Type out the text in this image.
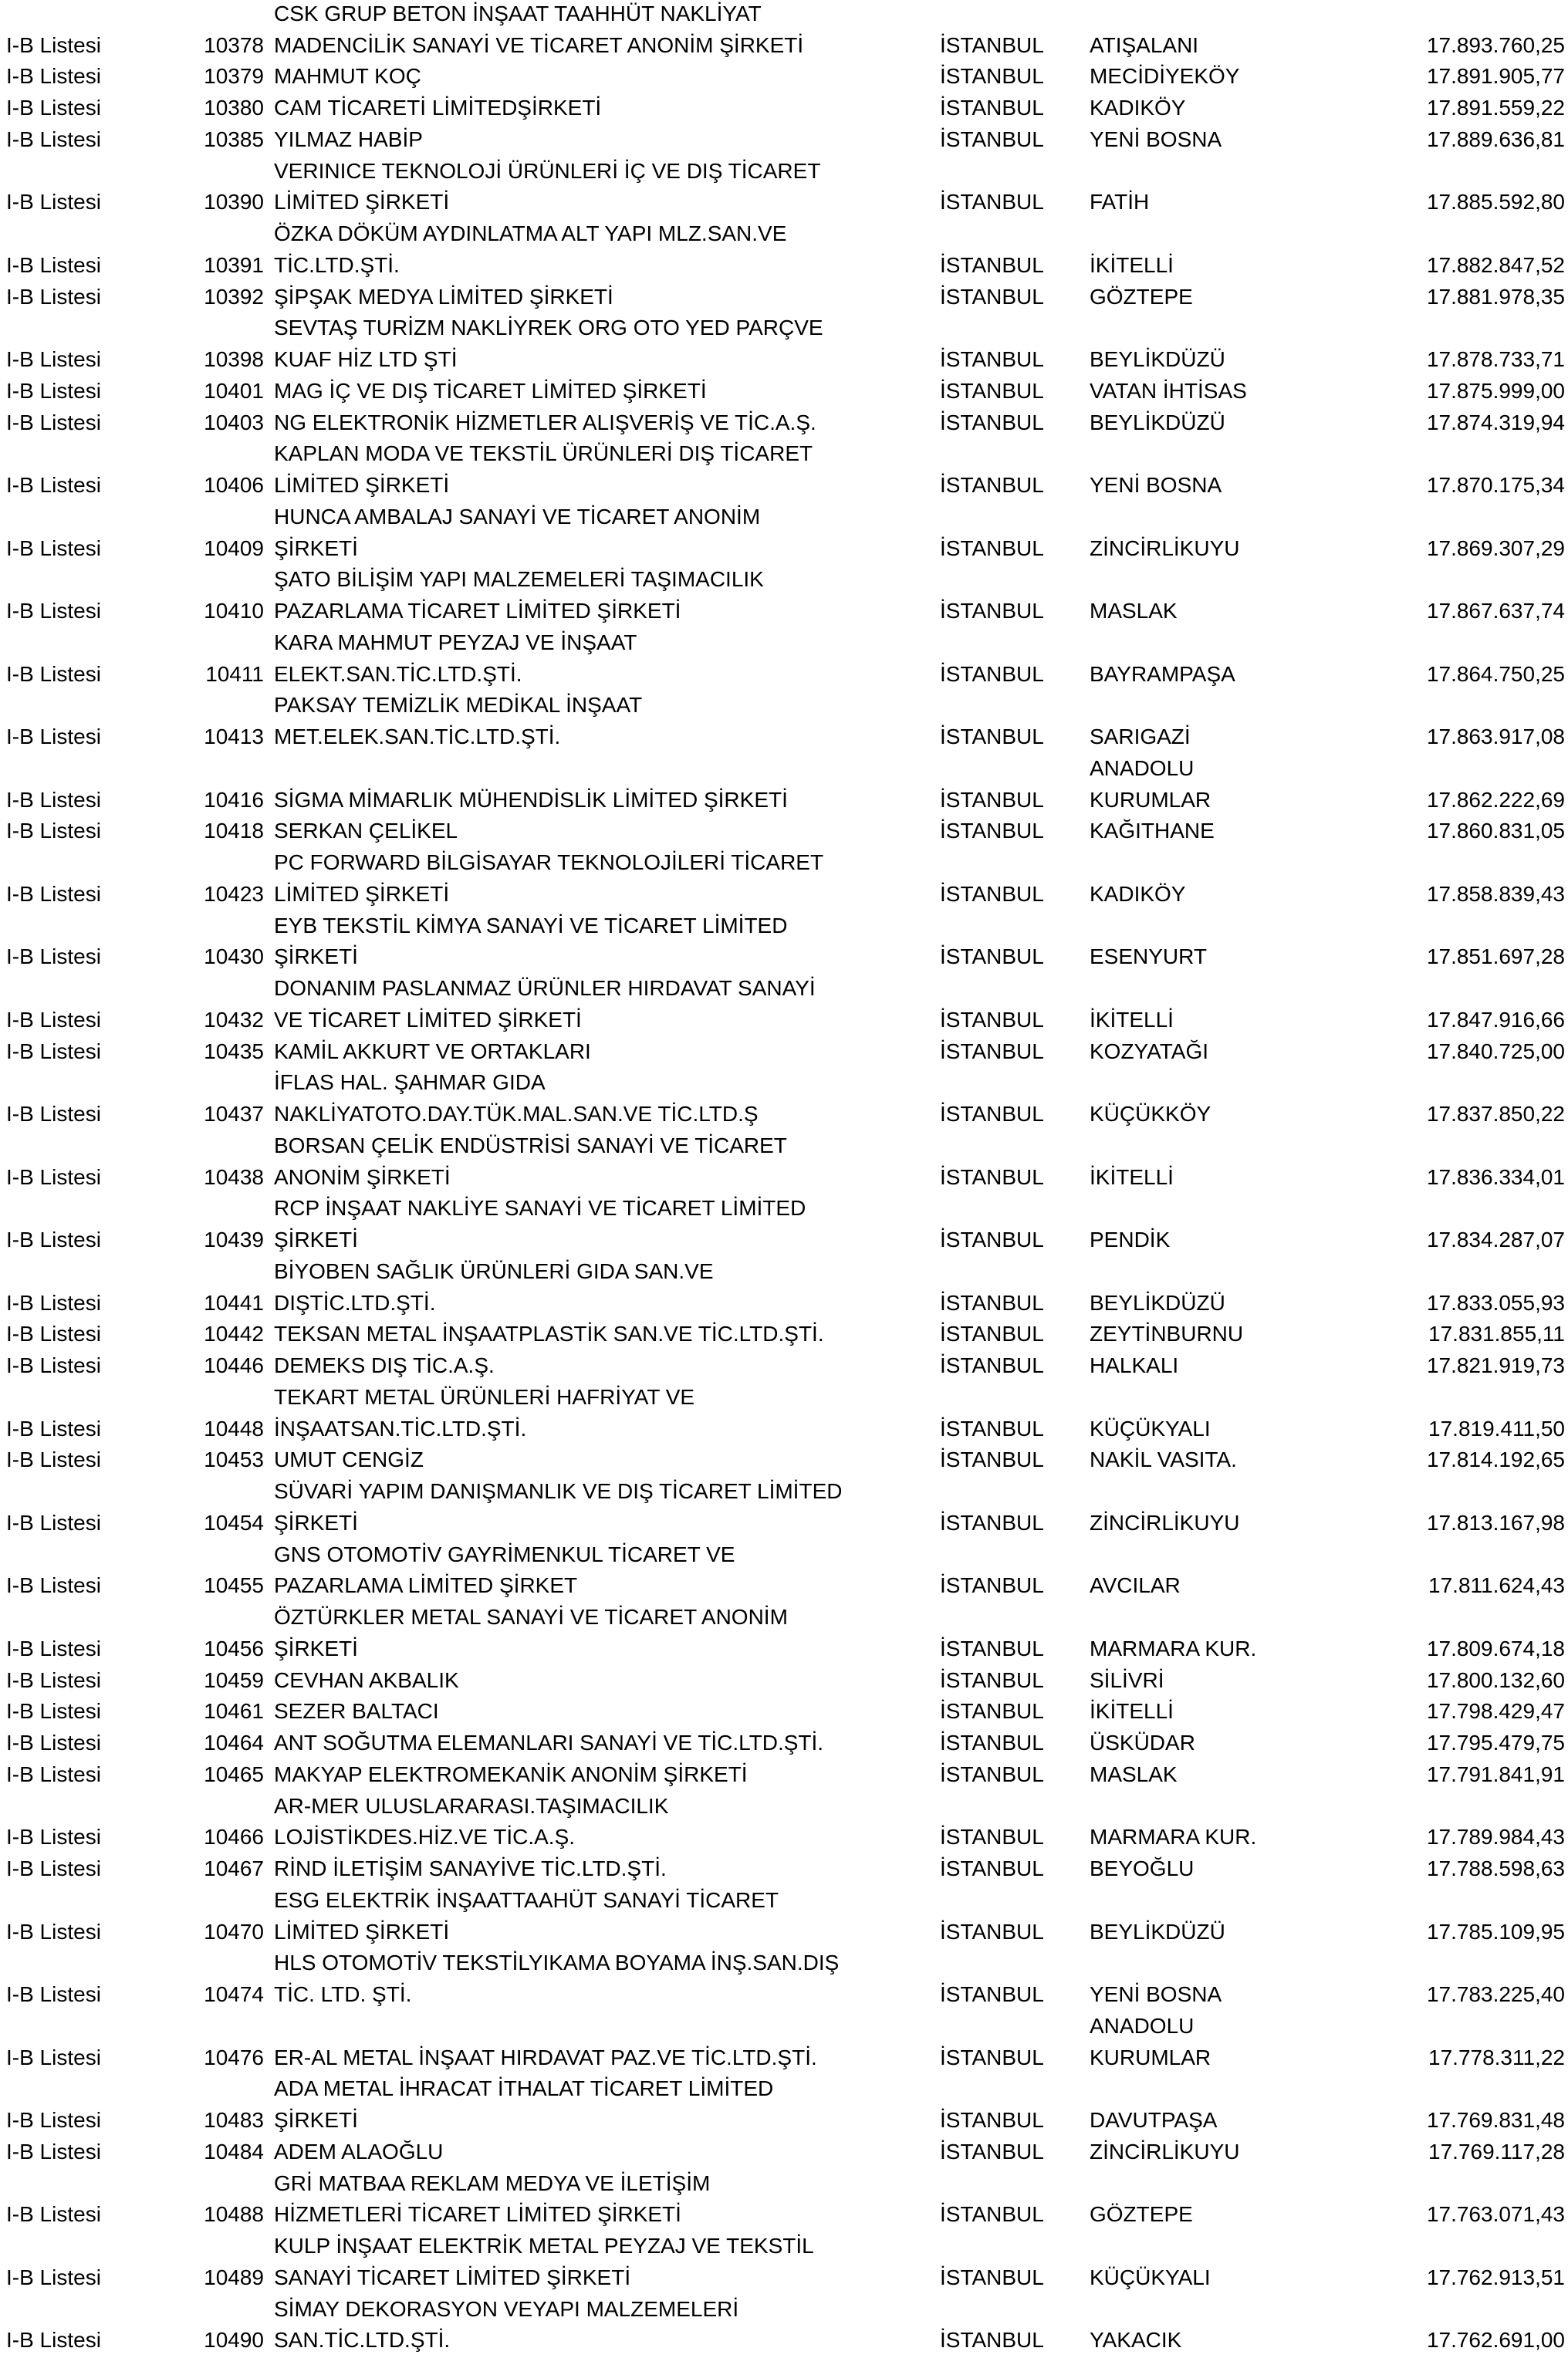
CSK GRUP BETON İNŞAAT TAAHHÜT NAKLİYAT
I-B Listesi	10378 MADENCİLİK SANAYİ VE TİCARET ANONİM ŞİRKETİ	İSTANBUL ATIŞALANI	17.893.760,25
I-B Listesi	10379 MAHMUT KOÇ	İSTANBUL MECİDİYEKÖY	17.891.905,77
I-B Listesi	10380 CAM TİCARETİ LİMİTEDŞİRKETİ	İSTANBUL KADIKÖY	17.891.559,22
I-B Listesi	10385 YILMAZ HABİP	İSTANBUL YENİ BOSNA	17.889.636,81
VERINICE TEKNOLOJİ ÜRÜNLERİ İÇ VE DIŞ TİCARET
I-B Listesi	10390 LİMİTED ŞİRKETİ	İSTANBUL FATİH	17.885.592,80
ÖZKA DÖKÜM AYDINLATMA ALT YAPI MLZ.SAN.VE
I-B Listesi	10391 TİC.LTD.ŞTİ.	İSTANBUL İKİTELLİ	17.882.847,52
I-B Listesi	10392 ŞİPŞAK MEDYA LİMİTED ŞİRKETİ	İSTANBUL GÖZTEPE	17.881.978,35
SEVTAŞ TURİZM NAKLİYREK ORG OTO YED PARÇVE
I-B Listesi	10398 KUAF HİZ LTD ŞTİ	İSTANBUL BEYLİKDÜZÜ	17.878.733,71
I-B Listesi	10401 MAG İÇ VE DIŞ TİCARET LİMİTED ŞİRKETİ	İSTANBUL VATAN İHTİSAS	17.875.999,00
I-B Listesi	10403 NG ELEKTRONİK HİZMETLER ALIŞVERİŞ VE TİC.A.Ş.	İSTANBUL BEYLİKDÜZÜ	17.874.319,94
KAPLAN MODA VE TEKSTİL ÜRÜNLERİ DIŞ TİCARET
I-B Listesi	10406 LİMİTED ŞİRKETİ	İSTANBUL YENİ BOSNA	17.870.175,34
HUNCA AMBALAJ SANAYİ VE TİCARET ANONİM
I-B Listesi	10409 ŞİRKETİ	İSTANBUL ZİNCİRLİKUYU	17.869.307,29
ŞATO BİLİŞİM YAPI MALZEMELERİ TAŞIMACILIK
I-B Listesi	10410 PAZARLAMA TİCARET LİMİTED ŞİRKETİ	İSTANBUL MASLAK	17.867.637,74
KARA MAHMUT PEYZAJ VE İNŞAAT
I-B Listesi	10411 ELEKT.SAN.TİC.LTD.ŞTİ.	İSTANBUL BAYRAMPAŞA	17.864.750,25
PAKSAY TEMİZLİK MEDİKAL İNŞAAT
I-B Listesi	10413 MET.ELEK.SAN.TİC.LTD.ŞTİ.	İSTANBUL SARIGAZİ	17.863.917,08
ANADOLU
I-B Listesi	10416 SİGMA MİMARLIK MÜHENDİSLİK LİMİTED ŞİRKETİ	İSTANBUL KURUMLAR	17.862.222,69
I-B Listesi	10418 SERKAN ÇELİKEL	İSTANBUL KAĞITHANE	17.860.831,05
PC FORWARD BİLGİSAYAR TEKNOLOJİLERİ TİCARET
I-B Listesi	10423 LİMİTED ŞİRKETİ	İSTANBUL KADIKÖY	17.858.839,43
EYB TEKSTİL KİMYA SANAYİ VE TİCARET LİMİTED
I-B Listesi	10430 ŞİRKETİ	İSTANBUL ESENYURT	17.851.697,28
DONANIM PASLANMAZ ÜRÜNLER HIRDAVAT SANAYİ
I-B Listesi	10432 VE TİCARET LİMİTED ŞİRKETİ	İSTANBUL İKİTELLİ	17.847.916,66
I-B Listesi	10435 KAMİL AKKURT VE ORTAKLARI	İSTANBUL KOZYATAĞI	17.840.725,00
İFLAS HAL. ŞAHMAR GIDA
I-B Listesi	10437 NAKLİYATOTO.DAY.TÜK.MAL.SAN.VE TİC.LTD.Ş	İSTANBUL KÜÇÜKKÖY	17.837.850,22
BORSAN ÇELİK ENDÜSTRİSİ SANAYİ VE TİCARET
I-B Listesi	10438 ANONİM ŞİRKETİ	İSTANBUL İKİTELLİ	17.836.334,01
RCP İNŞAAT NAKLİYE SANAYİ VE TİCARET LİMİTED
I-B Listesi	10439 ŞİRKETİ	İSTANBUL PENDİK	17.834.287,07
BİYOBEN SAĞLIK ÜRÜNLERİ GIDA SAN.VE
I-B Listesi	10441 DIŞTİC.LTD.ŞTİ.	İSTANBUL BEYLİKDÜZÜ	17.833.055,93
I-B Listesi	10442 TEKSAN METAL İNŞAATPLASTİK SAN.VE TİC.LTD.ŞTİ.	İSTANBUL ZEYTİNBURNU	17.831.855,11
I-B Listesi	10446 DEMEKS DIŞ TİC.A.Ş.	İSTANBUL HALKALI	17.821.919,73
TEKART METAL ÜRÜNLERİ HAFRİYAT VE
I-B Listesi	10448 İNŞAATSAN.TİC.LTD.ŞTİ.	İSTANBUL KÜÇÜKYALI	17.819.411,50
I-B Listesi	10453 UMUT CENGİZ	İSTANBUL NAKİL VASITA.	17.814.192,65
SÜVARİ YAPIM DANIŞMANLIK VE DIŞ TİCARET LİMİTED
I-B Listesi	10454 ŞİRKETİ	İSTANBUL ZİNCİRLİKUYU	17.813.167,98
GNS OTOMOTİV GAYRİMENKUL TİCARET VE
I-B Listesi	10455 PAZARLAMA LİMİTED ŞİRKET	İSTANBUL AVCILAR	17.811.624,43
ÖZTÜRKLER METAL SANAYİ VE TİCARET ANONİM
I-B Listesi	10456 ŞİRKETİ	İSTANBUL MARMARA KUR.	17.809.674,18
I-B Listesi	10459 CEVHAN AKBALIK	İSTANBUL SİLİVRİ	17.800.132,60
I-B Listesi	10461 SEZER BALTACI	İSTANBUL İKİTELLİ	17.798.429,47
I-B Listesi	10464 ANT SOĞUTMA ELEMANLARI SANAYİ VE TİC.LTD.ŞTİ.	İSTANBUL ÜSKÜDAR	17.795.479,75
I-B Listesi	10465 MAKYAP ELEKTROMEKANİK ANONİM ŞİRKETİ	İSTANBUL MASLAK	17.791.841,91
AR-MER ULUSLARARASI.TAŞIMACILIK
I-B Listesi	10466 LOJİSTİKDES.HİZ.VE TİC.A.Ş.	İSTANBUL MARMARA KUR.	17.789.984,43
I-B Listesi	10467 RİND İLETİŞİM SANAYİVE TİC.LTD.ŞTİ.	İSTANBUL BEYOĞLU	17.788.598,63
ESG ELEKTRİK İNŞAATTAAHÜT SANAYİ TİCARET
I-B Listesi	10470 LİMİTED ŞİRKETİ	İSTANBUL BEYLİKDÜZÜ	17.785.109,95
HLS OTOMOTİV TEKSTİLYIKAMA BOYAMA İNŞ.SAN.DIŞ
I-B Listesi	10474 TİC. LTD. ŞTİ.	İSTANBUL YENİ BOSNA	17.783.225,40
ANADOLU
I-B Listesi	10476 ER-AL METAL İNŞAAT HIRDAVAT PAZ.VE TİC.LTD.ŞTİ.	İSTANBUL KURUMLAR	17.778.311,22
ADA METAL İHRACAT İTHALAT TİCARET LİMİTED
I-B Listesi	10483 ŞİRKETİ	İSTANBUL DAVUTPAŞA	17.769.831,48
I-B Listesi	10484 ADEM ALAOĞLU	İSTANBUL ZİNCİRLİKUYU	17.769.117,28
GRİ MATBAA REKLAM MEDYA VE İLETİŞİM
I-B Listesi	10488 HİZMETLERİ TİCARET LİMİTED ŞİRKETİ	İSTANBUL GÖZTEPE	17.763.071,43
KULP İNŞAAT ELEKTRİK METAL PEYZAJ VE TEKSTİL
I-B Listesi	10489 SANAYİ TİCARET LİMİTED ŞİRKETİ	İSTANBUL KÜÇÜKYALI	17.762.913,51
SİMAY DEKORASYON VEYAPI MALZEMELERİ
I-B Listesi	10490 SAN.TİC.LTD.ŞTİ.	İSTANBUL YAKACIK	17.762.691,00
